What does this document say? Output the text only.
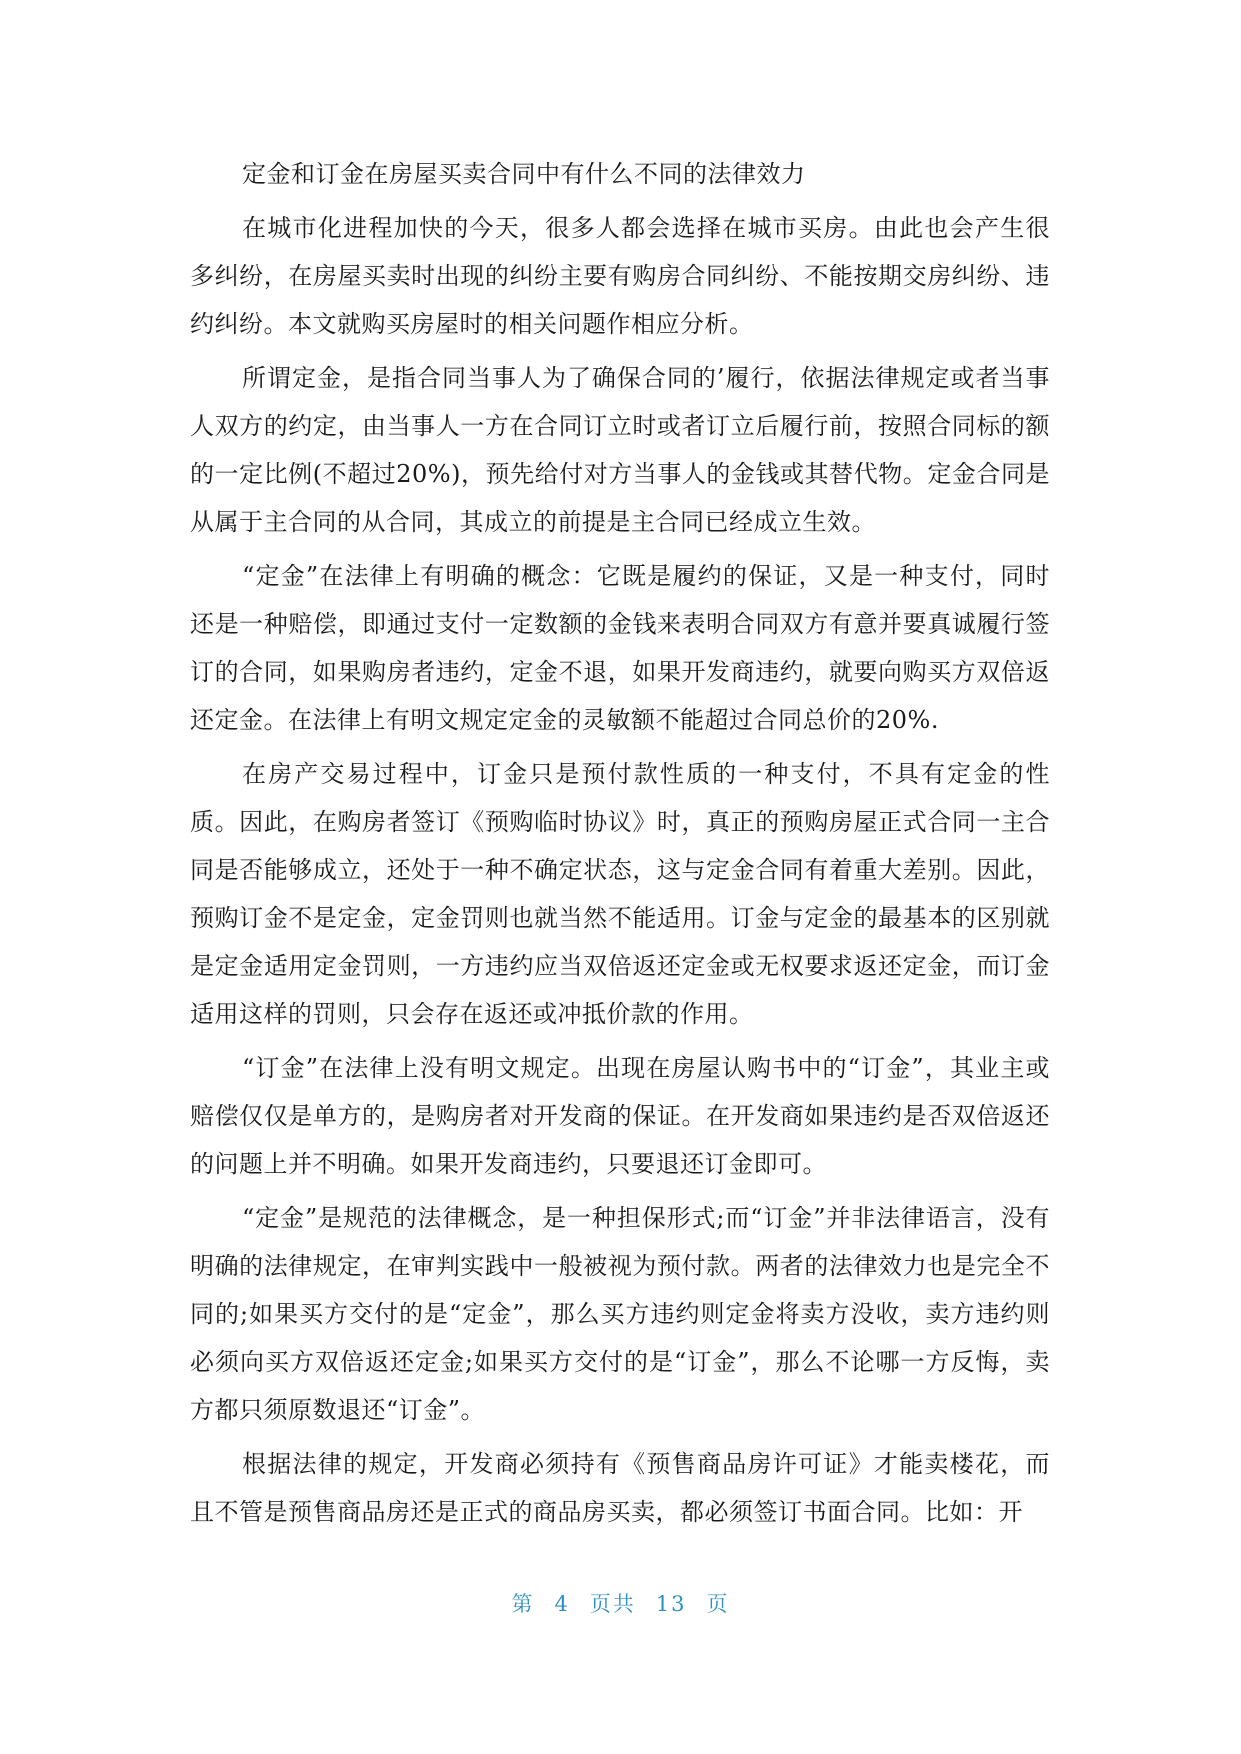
定金和订金在房屋买卖合同中有什么不同的法律效力

在城市化进程加快的今天，很多人都会选择在城市买房。由此也会产生很多纠纷，在房屋买卖时出现的纠纷主要有购房合同纠纷、不能按期交房纠纷、违约纠纷。本文就购买房屋时的相关问题作相应分析。

所谓定金，是指合同当事人为了确保合同的’履行，依据法律规定或者当事人双方的约定，由当事人一方在合同订立时或者订立后履行前，按照合同标的额的一定比例(不超过20%)，预先给付对方当事人的金钱或其替代物。定金合同是从属于主合同的从合同，其成立的前提是主合同已经成立生效。

“定金”在法律上有明确的概念：它既是履约的保证，又是一种支付，同时还是一种赔偿，即通过支付一定数额的金钱来表明合同双方有意并要真诚履行签订的合同，如果购房者违约，定金不退，如果开发商违约，就要向购买方双倍返还定金。在法律上有明文规定定金的灵敏额不能超过合同总价的20%.

在房产交易过程中，订金只是预付款性质的一种支付，不具有定金的性质。因此，在购房者签订《预购临时协议》时，真正的预购房屋正式合同一主合同是否能够成立，还处于一种不确定状态，这与定金合同有着重大差别。因此，预购订金不是定金，定金罚则也就当然不能适用。订金与定金的最基本的区别就是定金适用定金罚则，一方违约应当双倍返还定金或无权要求返还定金，而订金适用这样的罚则，只会存在返还或冲抵价款的作用。

“订金”在法律上没有明文规定。出现在房屋认购书中的“订金”，其业主或赔偿仅仅是单方的，是购房者对开发商的保证。在开发商如果违约是否双倍返还的问题上并不明确。如果开发商违约，只要退还订金即可。

“定金”是规范的法律概念，是一种担保形式;而“订金”并非法律语言，没有明确的法律规定，在审判实践中一般被视为预付款。两者的法律效力也是完全不同的;如果买方交付的是“定金”，那么买方违约则定金将卖方没收，卖方违约则必须向买方双倍返还定金;如果买方交付的是“订金”，那么不论哪一方反悔，卖方都只须原数退还“订金”。

根据法律的规定，开发商必须持有《预售商品房许可证》才能卖楼花，而且不管是预售商品房还是正式的商品房买卖，都必须签订书面合同。比如：开

第 4 页共 13 页
